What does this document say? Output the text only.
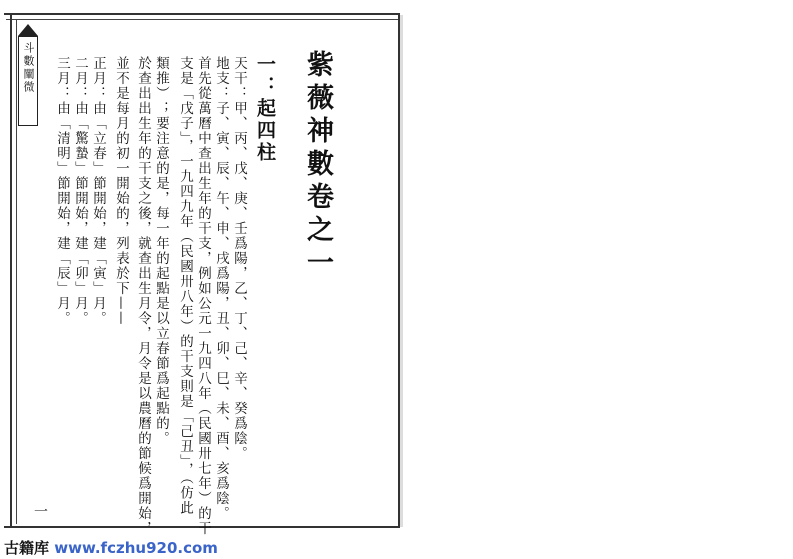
斗數闡微
一
紫薇神數卷之一
一：起四柱
天干：甲、丙、戊、庚、壬爲陽，乙、丁、己、辛、癸爲陰。
地支：子、寅、辰、午、申、戌爲陽，丑、卯、巳、未、酉、亥爲陰。
首先從萬曆中查出生年的干支，例如公元一九四八年（民國卅七年）的干
支是「戊子」，一九四九年（民國卅八年）的干支則是「己丑」，（仿此
類推）；要注意的是，每一年的起點是以立春節爲起點的。
於查出出生年的干支之後，就查出生月令，月令是以農曆的節候爲開始，
並不是每月的初一開始的，列表於下——
正月：由「立春」節開始，建「寅」月。
二月：由「驚蟄」節開始，建「卯」月。
三月：由「清明」節開始，建「辰」月。
古籍库 www.fczhu920.com
